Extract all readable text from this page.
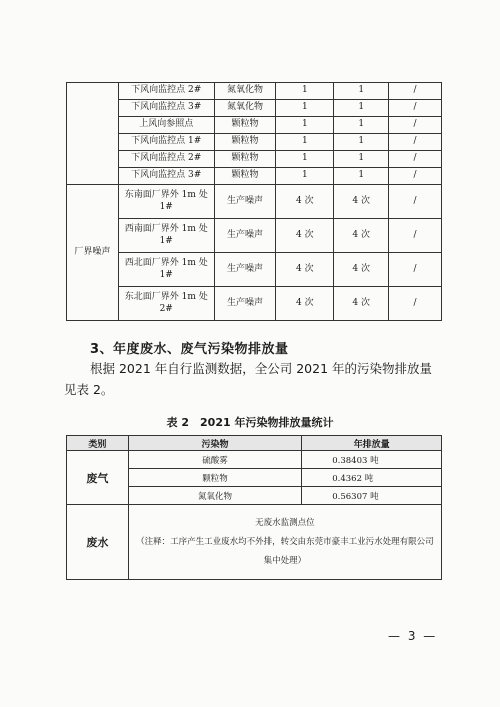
	下风向监控点 2#	氮氧化物	1	1	/
	下风向监控点 3#	氮氧化物	1	1	/
	上风向参照点	颗粒物	1	1	/
	下风向监控点 1#	颗粒物	1	1	/
	下风向监控点 2#	颗粒物	1	1	/
	下风向监控点 3#	颗粒物	1	1	/
厂界噪声	东南面厂界外 1m 处 1#	生产噪声	4 次	4 次	/
	西南面厂界外 1m 处 1#	生产噪声	4 次	4 次	/
	西北面厂界外 1m 处 1#	生产噪声	4 次	4 次	/
	东北面厂界外 1m 处 2#	生产噪声	4 次	4 次	/
3、年度废水、废气污染物排放量
根据 2021 年自行监测数据，全公司 2021 年的污染物排放量见表 2。
表 2　2021 年污染物排放量统计
类别	污染物	年排放量
废气	硫酸雾	0.38403 吨
	颗粒物	0.4362 吨
	氮氧化物	0.56307 吨
废水	无废水监测点位
（注释：工序产生工业废水均不外排，转交由东莞市豪丰工业污水处理有限公司集中处理）	
— 3 —
